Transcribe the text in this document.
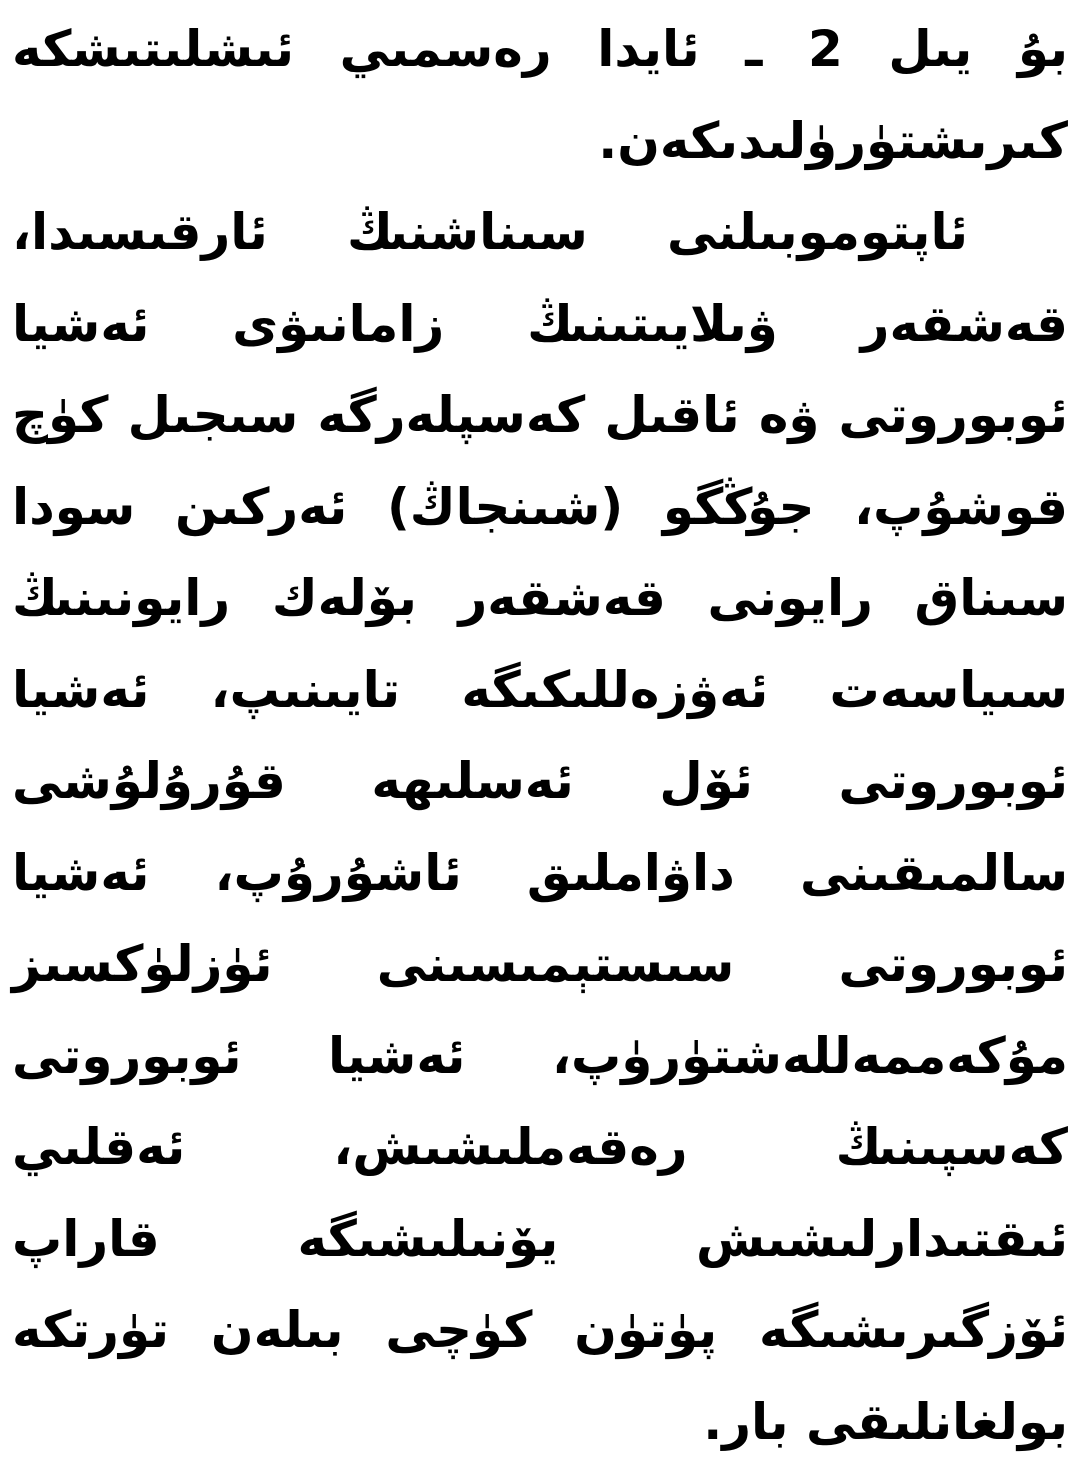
بۇ يىل 2 ـ ئايدا رەسمىي ئىشلىتىشكە كىرىشتۈرۈلىدىكەن.

ئاپتوموبىلنى سىناشنىڭ ئارقىسىدا، قەشقەر ۋىلايىتىنىڭ زامانىۋى ئەشيا ئوبوروتى ۋە ئاقىل كەسپلەرگە سىجىل كۈچ قوشۇپ، جۇڭگو (شىنجاڭ) ئەركىن سودا سىناق رايونى قەشقەر بۆلەك رايونىنىڭ سىياسەت ئەۋزەللىكىگە تايىنىپ، ئەشيا ئوبوروتى ئۆل ئەسلىھە قۇرۇلۇشى سالمىقىنى داۋاملىق ئاشۇرۇپ، ئەشيا ئوبوروتى سىستېمىسىنى ئۈزلۈكسىز مۇكەممەللەشتۈرۈپ، ئەشيا ئوبوروتى كەسپىنىڭ رەقەملىشىش، ئەقلىي ئىقتىدارلىشىش يۆنىلىشىگە قاراپ ئۆزگىرىشىگە پۈتۈن كۈچى بىلەن تۈرتكە بولغانلىقى بار.
